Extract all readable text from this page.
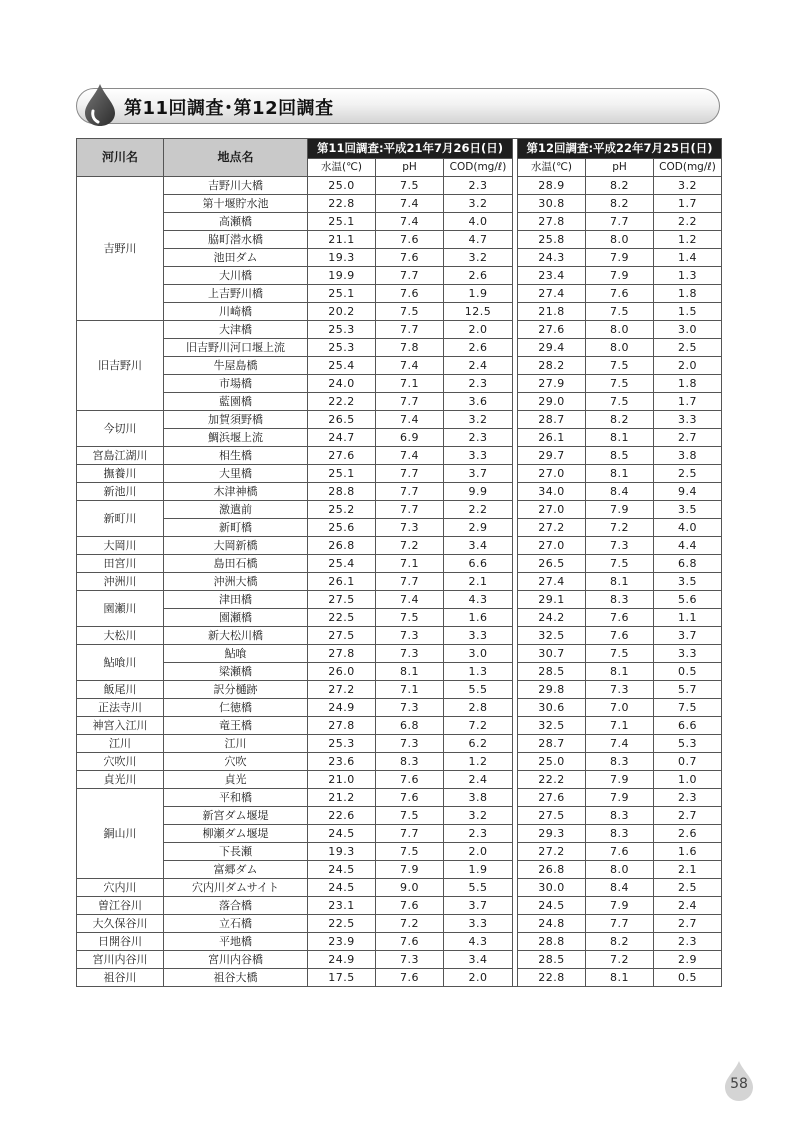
第11回調査･第12回調査
河川名	地点名	第11回調査:平成21年7月26日(日)				第12回調査:平成22年7月25日(日)		
		水温(℃)	pH	COD(mg/ℓ)		水温(℃)	pH	COD(mg/ℓ)
吉野川	吉野川大橋	25.0	7.5	2.3		28.9	8.2	3.2
	第十堰貯水池	22.8	7.4	3.2		30.8	8.2	1.7
	高瀬橋	25.1	7.4	4.0		27.8	7.7	2.2
	脇町潜水橋	21.1	7.6	4.7		25.8	8.0	1.2
	池田ダム	19.3	7.6	3.2		24.3	7.9	1.4
	大川橋	19.9	7.7	2.6		23.4	7.9	1.3
	上吉野川橋	25.1	7.6	1.9		27.4	7.6	1.8
	川崎橋	20.2	7.5	12.5		21.8	7.5	1.5
旧吉野川	大津橋	25.3	7.7	2.0		27.6	8.0	3.0
	旧吉野川河口堰上流	25.3	7.8	2.6		29.4	8.0	2.5
	牛屋島橋	25.4	7.4	2.4		28.2	7.5	2.0
	市場橋	24.0	7.1	2.3		27.9	7.5	1.8
	藍園橋	22.2	7.7	3.6		29.0	7.5	1.7
今切川	加賀須野橋	26.5	7.4	3.2		28.7	8.2	3.3
	鯛浜堰上流	24.7	6.9	2.3		26.1	8.1	2.7
宮島江湖川	相生橋	27.6	7.4	3.3		29.7	8.5	3.8
撫養川	大里橋	25.1	7.7	3.7		27.0	8.1	2.5
新池川	木津神橋	28.8	7.7	9.9		34.0	8.4	9.4
新町川	激遣前	25.2	7.7	2.2		27.0	7.9	3.5
	新町橋	25.6	7.3	2.9		27.2	7.2	4.0
大岡川	大岡新橋	26.8	7.2	3.4		27.0	7.3	4.4
田宮川	島田石橋	25.4	7.1	6.6		26.5	7.5	6.8
沖洲川	沖洲大橋	26.1	7.7	2.1		27.4	8.1	3.5
園瀬川	津田橋	27.5	7.4	4.3		29.1	8.3	5.6
	園瀬橋	22.5	7.5	1.6		24.2	7.6	1.1
大松川	新大松川橋	27.5	7.3	3.3		32.5	7.6	3.7
鮎喰川	鮎喰	27.8	7.3	3.0		30.7	7.5	3.3
	梁瀬橋	26.0	8.1	1.3		28.5	8.1	0.5
飯尾川	訳分樋跡	27.2	7.1	5.5		29.8	7.3	5.7
正法寺川	仁徳橋	24.9	7.3	2.8		30.6	7.0	7.5
神宮入江川	竜王橋	27.8	6.8	7.2		32.5	7.1	6.6
江川	江川	25.3	7.3	6.2		28.7	7.4	5.3
穴吹川	穴吹	23.6	8.3	1.2		25.0	8.3	0.7
貞光川	貞光	21.0	7.6	2.4		22.2	7.9	1.0
銅山川	平和橋	21.2	7.6	3.8		27.6	7.9	2.3
	新宮ダム堰堤	22.6	7.5	3.2		27.5	8.3	2.7
	柳瀬ダム堰堤	24.5	7.7	2.3		29.3	8.3	2.6
	下長瀬	19.3	7.5	2.0		27.2	7.6	1.6
	富郷ダム	24.5	7.9	1.9		26.8	8.0	2.1
穴内川	穴内川ダムサイト	24.5	9.0	5.5		30.0	8.4	2.5
曽江谷川	落合橋	23.1	7.6	3.7		24.5	7.9	2.4
大久保谷川	立石橋	22.5	7.2	3.3		24.8	7.7	2.7
日開谷川	平地橋	23.9	7.6	4.3		28.8	8.2	2.3
宮川内谷川	宮川内谷橋	24.9	7.3	3.4		28.5	7.2	2.9
祖谷川	祖谷大橋	17.5	7.6	2.0		22.8	8.1	0.5
58
